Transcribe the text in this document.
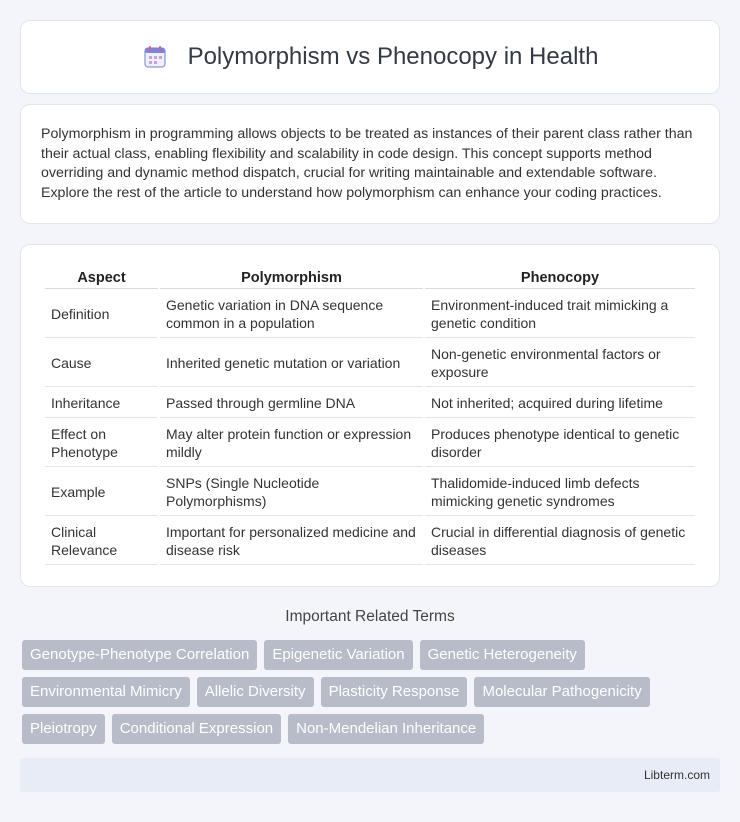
Polymorphism vs Phenocopy in Health

Polymorphism in programming allows objects to be treated as instances of their parent class rather than their actual class, enabling flexibility and scalability in code design. This concept supports method overriding and dynamic method dispatch, crucial for writing maintainable and extendable software. Explore the rest of the article to understand how polymorphism can enhance your coding practices.

Aspect	Polymorphism	Phenocopy
Definition	Genetic variation in DNA sequence common in a population	Environment-induced trait mimicking a genetic condition
Cause	Inherited genetic mutation or variation	Non-genetic environmental factors or exposure
Inheritance	Passed through germline DNA	Not inherited; acquired during lifetime
Effect on Phenotype	May alter protein function or expression mildly	Produces phenotype identical to genetic disorder
Example	SNPs (Single Nucleotide Polymorphisms)	Thalidomide-induced limb defects mimicking genetic syndromes
Clinical Relevance	Important for personalized medicine and disease risk	Crucial in differential diagnosis of genetic diseases
Important Related Terms
Genotype-Phenotype Correlation	Epigenetic Variation	Genetic Heterogeneity
Environmental Mimicry	Allelic Diversity	Plasticity Response	Molecular Pathogenicity
Pleiotropy	Conditional Expression	Non-Mendelian Inheritance
Libterm.com
